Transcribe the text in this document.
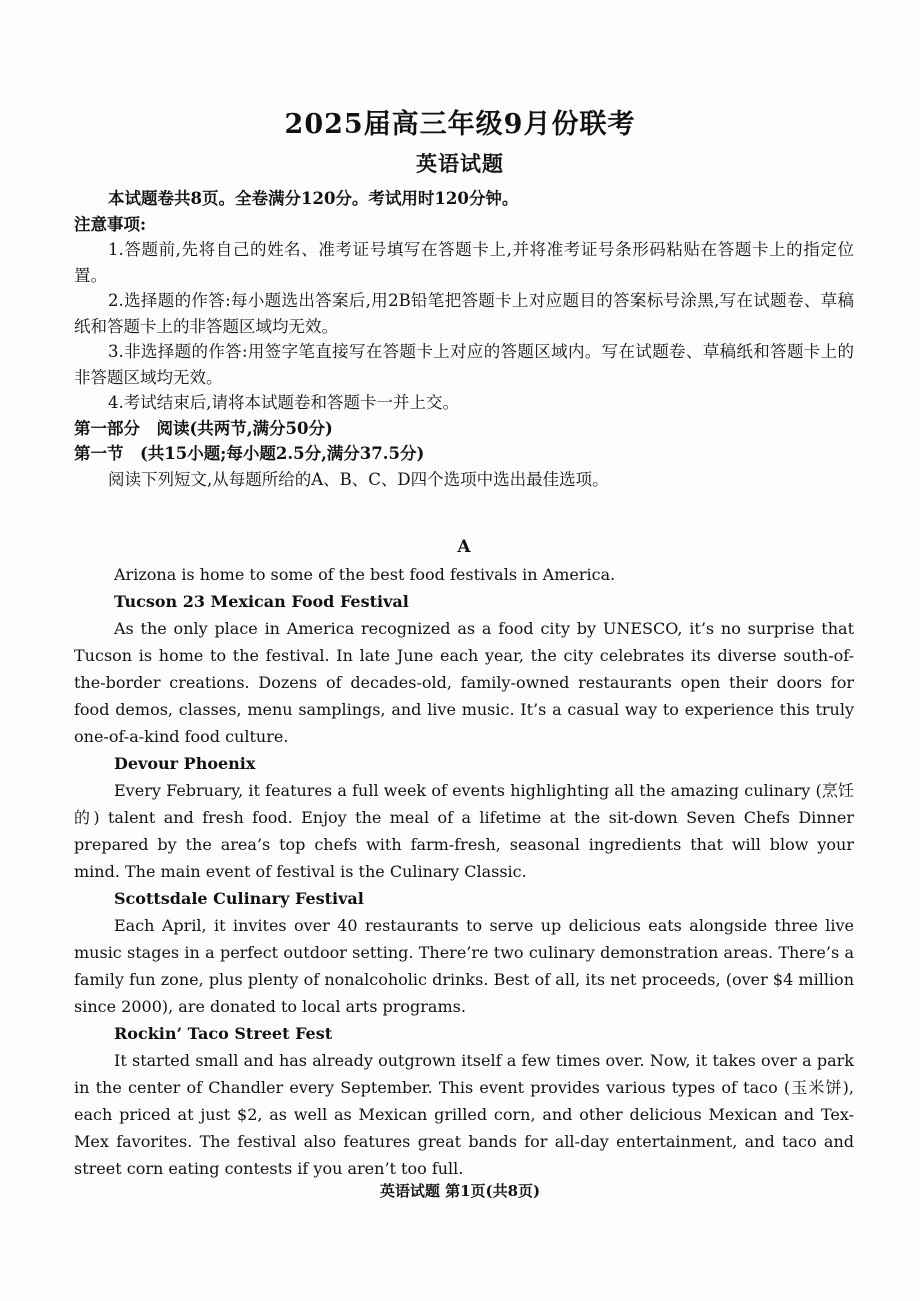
2025届高三年级9月份联考
英语试题

本试题卷共8页。全卷满分120分。考试用时120分钟。

注意事项:

1.答题前,先将自己的姓名、准考证号填写在答题卡上,并将准考证号条形码粘贴在答题卡上的指定位置。

2.选择题的作答:每小题选出答案后,用2B铅笔把答题卡上对应题目的答案标号涂黑,写在试题卷、草稿纸和答题卡上的非答题区域均无效。

3.非选择题的作答:用签字笔直接写在答题卡上对应的答题区域内。写在试题卷、草稿纸和答题卡上的非答题区域均无效。

4.考试结束后,请将本试题卷和答题卡一并上交。

第一部分　阅读(共两节,满分50分)

第一节　(共15小题;每小题2.5分,满分37.5分)

阅读下列短文,从每题所给的A、B、C、D四个选项中选出最佳选项。

A

Arizona is home to some of the best food festivals in America.

Tucson 23 Mexican Food Festival

As the only place in America recognized as a food city by UNESCO, it’s no surprise that Tucson is home to the festival. In late June each year, the city celebrates its diverse south-of-the-border creations. Dozens of decades-old, family-owned restaurants open their doors for food demos, classes, menu samplings, and live music. It’s a casual way to experience this truly one-of-a-kind food culture.

Devour Phoenix

Every February, it features a full week of events highlighting all the amazing culinary (烹饪的) talent and fresh food. Enjoy the meal of a lifetime at the sit-down Seven Chefs Dinner prepared by the area’s top chefs with farm-fresh, seasonal ingredients that will blow your mind. The main event of festival is the Culinary Classic.

Scottsdale Culinary Festival

Each April, it invites over 40 restaurants to serve up delicious eats alongside three live music stages in a perfect outdoor setting. There’re two culinary demonstration areas. There’s a family fun zone, plus plenty of nonalcoholic drinks. Best of all, its net proceeds, (over $4 million since 2000), are donated to local arts programs.

Rockin’ Taco Street Fest

It started small and has already outgrown itself a few times over. Now, it takes over a park in the center of Chandler every September. This event provides various types of taco (玉米饼), each priced at just $2, as well as Mexican grilled corn, and other delicious Mexican and Tex-Mex favorites. The festival also features great bands for all-day entertainment, and taco and street corn eating contests if you aren’t too full.

英语试题 第1页(共8页)
